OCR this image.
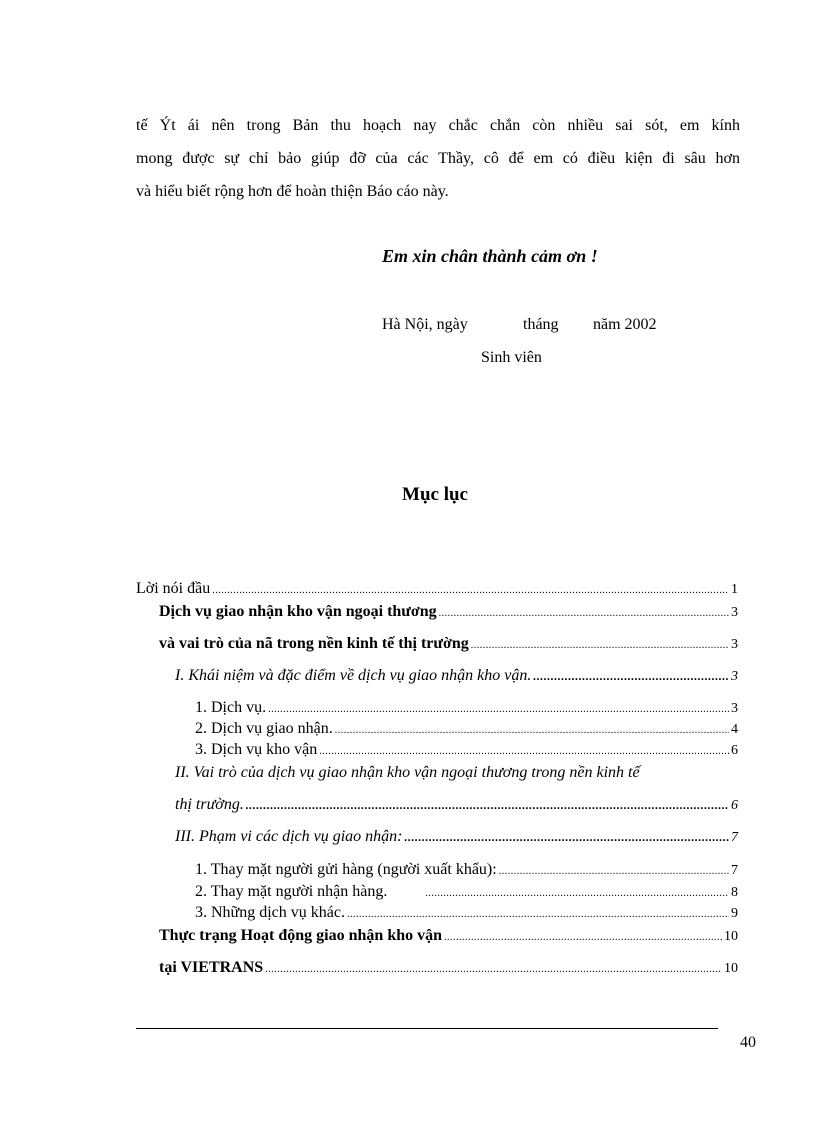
tế Ýt ái nên trong Bản thu hoạch nay chắc chắn còn nhiều sai sót, em kính
mong được sự chỉ bảo giúp đỡ của các Thầy, cô để em có điều kiện đi sâu hơn
và hiểu biết rộng hơn để hoàn thiện Báo cáo này.
Em xin chân thành cảm ơn !
Hà Nội, ngày	tháng năm 2002
Sinh viên
Mục lục
Lời nói đầu .....	1
Dịch vụ giao nhận kho vận ngoại thương .....	3
và vai trò của nã trong nền kinh tế thị trường .....	3
I. Khái niệm và đặc điểm về dịch vụ giao nhận kho vận. .....	3
1. Dịch vụ. .....	3
2. Dịch vụ giao nhận. .....	4
3. Dịch vụ kho vận .....	6
II. Vai trò của dịch vụ giao nhận kho vận ngoại thương trong nền kinh tế
thị trường. .....	6
III. Phạm vi các dịch vụ giao nhận: .....	7
1. Thay mặt người gửi hàng (người xuất khẩu): .....	7
2. Thay mặt người nhận hàng. .....	8
3. Những dịch vụ khác. .....	9
Thực trạng Hoạt động giao nhận kho vận .....	10
tại VIETRANS .....	10
40
